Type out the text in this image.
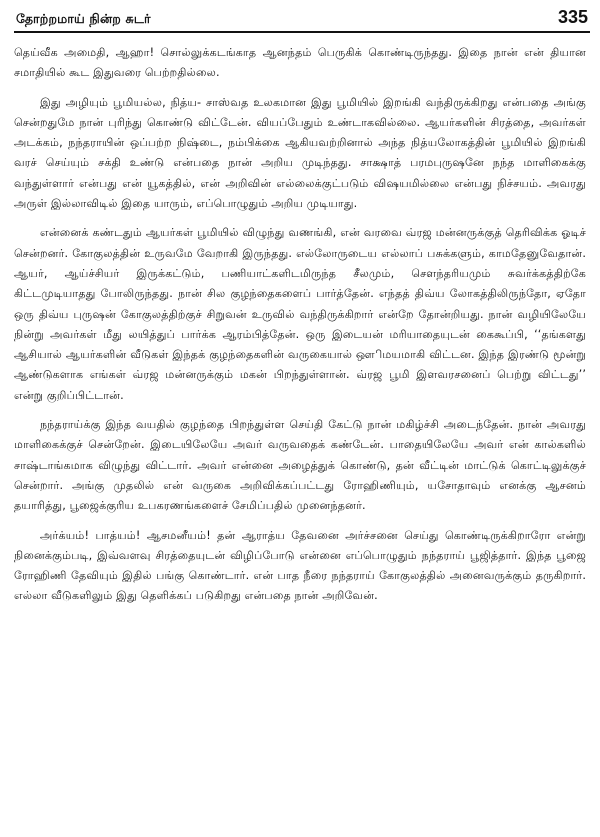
தோற்றமாய் நின்ற சுடர்	335

தெய்வீக அமைதி, ஆஹா! சொல்லுக்கடங்காத ஆனந்தம் பெருகிக் கொண்டிருந்தது. இதை நான் என் தியான சமாதியில் கூட இதுவரை பெற்றதில்லை.

இது அழியும் பூமியல்ல, நித்ய- சாஸ்வத உலகமான இது பூமியில் இறங்கி வந்திருக்கிறது என்பதை அங்கு சென்றதுமே நான் புரிந்து கொண்டு விட்டேன். வியப்பேதும் உண்டாகவில்லை. ஆயர்களின் சிரத்தை, அவர்கள் அடக்கம், நந்தராயின் ஒப்பற்ற நிஷ்டை, நம்பிக்கை ஆகியவற்றினால் அந்த நித்யலோகத்தின் பூமியில் இறங்கி வரச் செய்யும் சக்தி உண்டு என்பதை நான் அறிய முடிந்தது. சாக்ஷாத் பரமபுருஷனே நந்த மாளிகைக்கு வந்துள்ளார் என்பது என் யூகத்தில், என் அறிவின் எல்லைக்குட்படும் விஷயமில்லை என்பது நிச்சயம். அவரது அருள் இல்லாவிடில் இதை யாரும், எப்பொழுதும் அறிய முடியாது.

என்னைக் கண்டதும் ஆயர்கள் பூமியில் விழுந்து வணங்கி, என் வரவை வ்ரஜ மன்னருக்குத் தெரிவிக்க ஓடிச் சென்றனர். கோகுலத்தின் உருவமே வேறாகி இருந்தது. எல்லோருடைய எல்லாப் பசுக்களும், காமதேனுவேதான். ஆயர், ஆய்ச்சியர் இருக்கட்டும், பணியாட்களிடமிருந்த சீலமும், சௌந்தரியமும் சுவர்க்கத்திற்கே கிட்டமுடியாதது போலிருந்தது. நான் சில குழந்தைகளைப் பார்த்தேன். எந்தத் திவ்ய லோகத்திலிருந்தோ, ஏதோ ஒரு திவ்ய புருஷன் கோகுலத்திற்குச் சிறுவன் உருவில் வந்திருக்கிறார் என்றே தோன்றியது. நான் வழியிலேயே நின்று அவர்கள் மீது லயித்துப் பார்க்க ஆரம்பித்தேன். ஒரு இடையன் மரியாதையுடன் கைகூப்பி, ‘‘தங்களது ஆசியால் ஆயர்களின் வீடுகள் இந்தக் குழந்தைகளின் வருகையால் ஔிமயமாகி விட்டன. இந்த இரண்டு மூன்று ஆண்டுகளாக எங்கள் வ்ரஜ மன்னருக்கும் மகன் பிறந்துள்ளான். வ்ரஜ பூமி இளவரசனைப் பெற்று விட்டது’’ என்று குறிப்பிட்டான்.

நந்தராய்க்கு இந்த வயதில் குழந்தை பிறந்துள்ள செய்தி கேட்டு நான் மகிழ்ச்சி அடைந்தேன். நான் அவரது மாளிகைக்குச் சென்றேன். இடையிலேயே அவர் வருவதைக் கண்டேன். பாதையிலேயே அவர் என் கால்களில் சாஷ்டாங்கமாக விழுந்து விட்டார். அவர் என்னை அழைத்துக் கொண்டு, தன் வீட்டின் மாட்டுக் கொட்டிலுக்குச் சென்றார். அங்கு முதலில் என் வருகை அறிவிக்கப்பட்டது ரோஹிணியும், யசோதாவும் எனக்கு ஆசனம் தயாரித்து, பூஜைக்குரிய உபகரணங்களைச் சேமிப்பதில் முனைந்தனர்.

அர்க்யம்! பாத்யம்! ஆசமனீயம்! தன் ஆராத்ய தேவனை அர்ச்சனை செய்து கொண்டிருக்கிறாரோ என்று நினைக்கும்படி, இவ்வளவு சிரத்தையுடன் விழிப்போடு என்னை எப்பொழுதும் நந்தராய் பூஜித்தார். இந்த பூஜை ரோஹிணி தேவியும் இதில் பங்கு கொண்டார். என் பாத நீரை நந்தராய் கோகுலத்தில் அனைவருக்கும் தருகிறார். எல்லா வீடுகளிலும் இது தெளிக்கப் படுகிறது என்பதை நான் அறிவேன்.
